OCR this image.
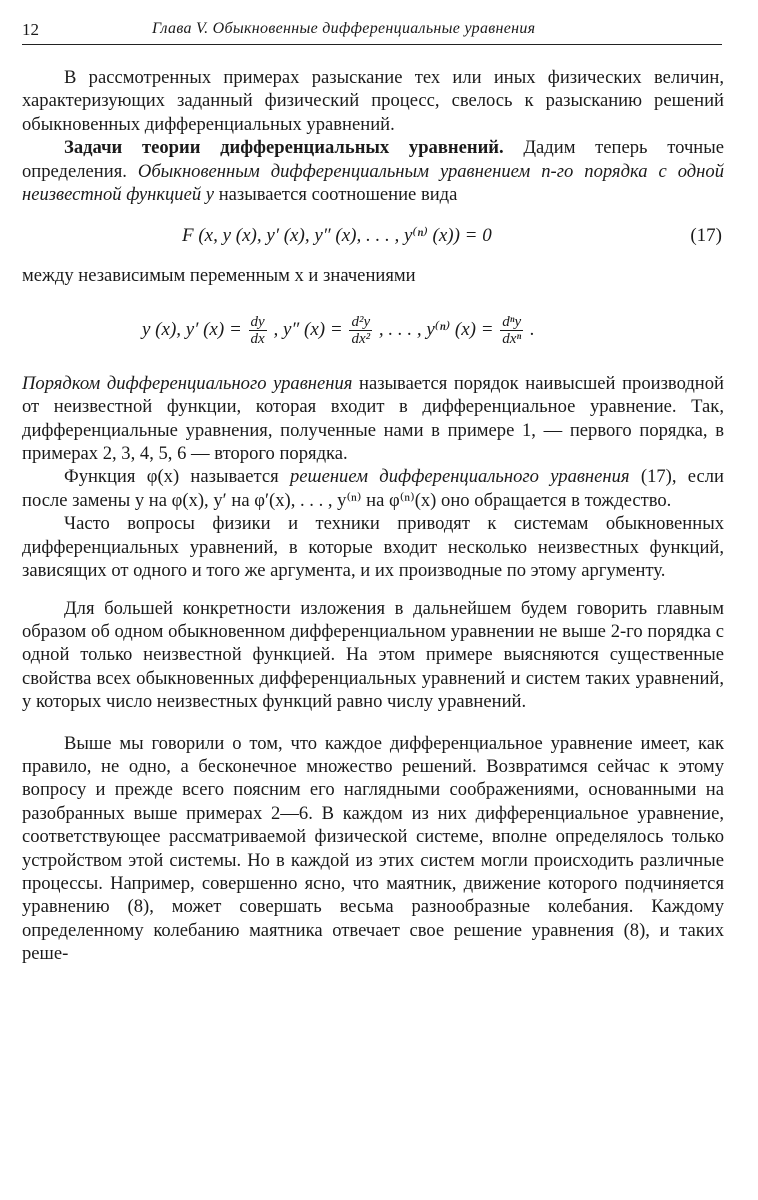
12	Глава V. Обыкновенные дифференциальные уравнения

В рассмотренных примерах разыскание тех или иных физических величин, характеризующих заданный физический процесс, свелось к разысканию решений обыкновенных дифференциальных уравнений.

Задачи теории дифференциальных уравнений. Дадим теперь точные определения. Обыкновенным дифференциальным уравнением n-го порядка с одной неизвестной функцией y называется соотношение вида

F (x, y (x), y′ (x), y″ (x), . . . , y⁽ⁿ⁾ (x)) = 0	(17)

между независимым переменным x и значениями

y (x), y′ $(x) = \frac{dy}{dx}$ , y″ $(x) = \frac{\text{d²y}}{\text{dx²}}$ , . . . , y⁽ⁿ⁾ $(x) = \frac{\text{dⁿy}}{\text{dxⁿ}}$ .

Порядком дифференциального уравнения называется порядок наивысшей производной от неизвестной функции, которая входит в дифференциальное уравнение. Так, дифференциальные уравнения, полученные нами в примере 1, — первого порядка, в примерах 2, 3, 4, 5, 6 — второго порядка.

Функция φ(x) называется решением дифференциального уравнения (17), если после замены y на φ(x), y′ на φ′(x), . . . , y⁽ⁿ⁾ на φ⁽ⁿ⁾(x) оно обращается в тождество.

Часто вопросы физики и техники приводят к системам обыкновенных дифференциальных уравнений, в которые входит несколько неизвестных функций, зависящих от одного и того же аргумента, и их производные по этому аргументу.

Для большей конкретности изложения в дальнейшем будем говорить главным образом об одном обыкновенном дифференциальном уравнении не выше 2-го порядка с одной только неизвестной функцией. На этом примере выясняются существенные свойства всех обыкновенных дифференциальных уравнений и систем таких уравнений, у которых число неизвестных функций равно числу уравнений.

Выше мы говорили о том, что каждое дифференциальное уравнение имеет, как правило, не одно, а бесконечное множество решений. Возвратимся сейчас к этому вопросу и прежде всего поясним его наглядными соображениями, основанными на разобранных выше примерах 2—6. В каждом из них дифференциальное уравнение, соответствующее рассматриваемой физической системе, вполне определялось только устройством этой системы. Но в каждой из этих систем могли происходить различные процессы. Например, совершенно ясно, что маятник, движение которого подчиняется уравнению (8), может совершать весьма разнообразные колебания. Каждому определенному колебанию маятника отвечает свое решение уравнения (8), и таких реше-
